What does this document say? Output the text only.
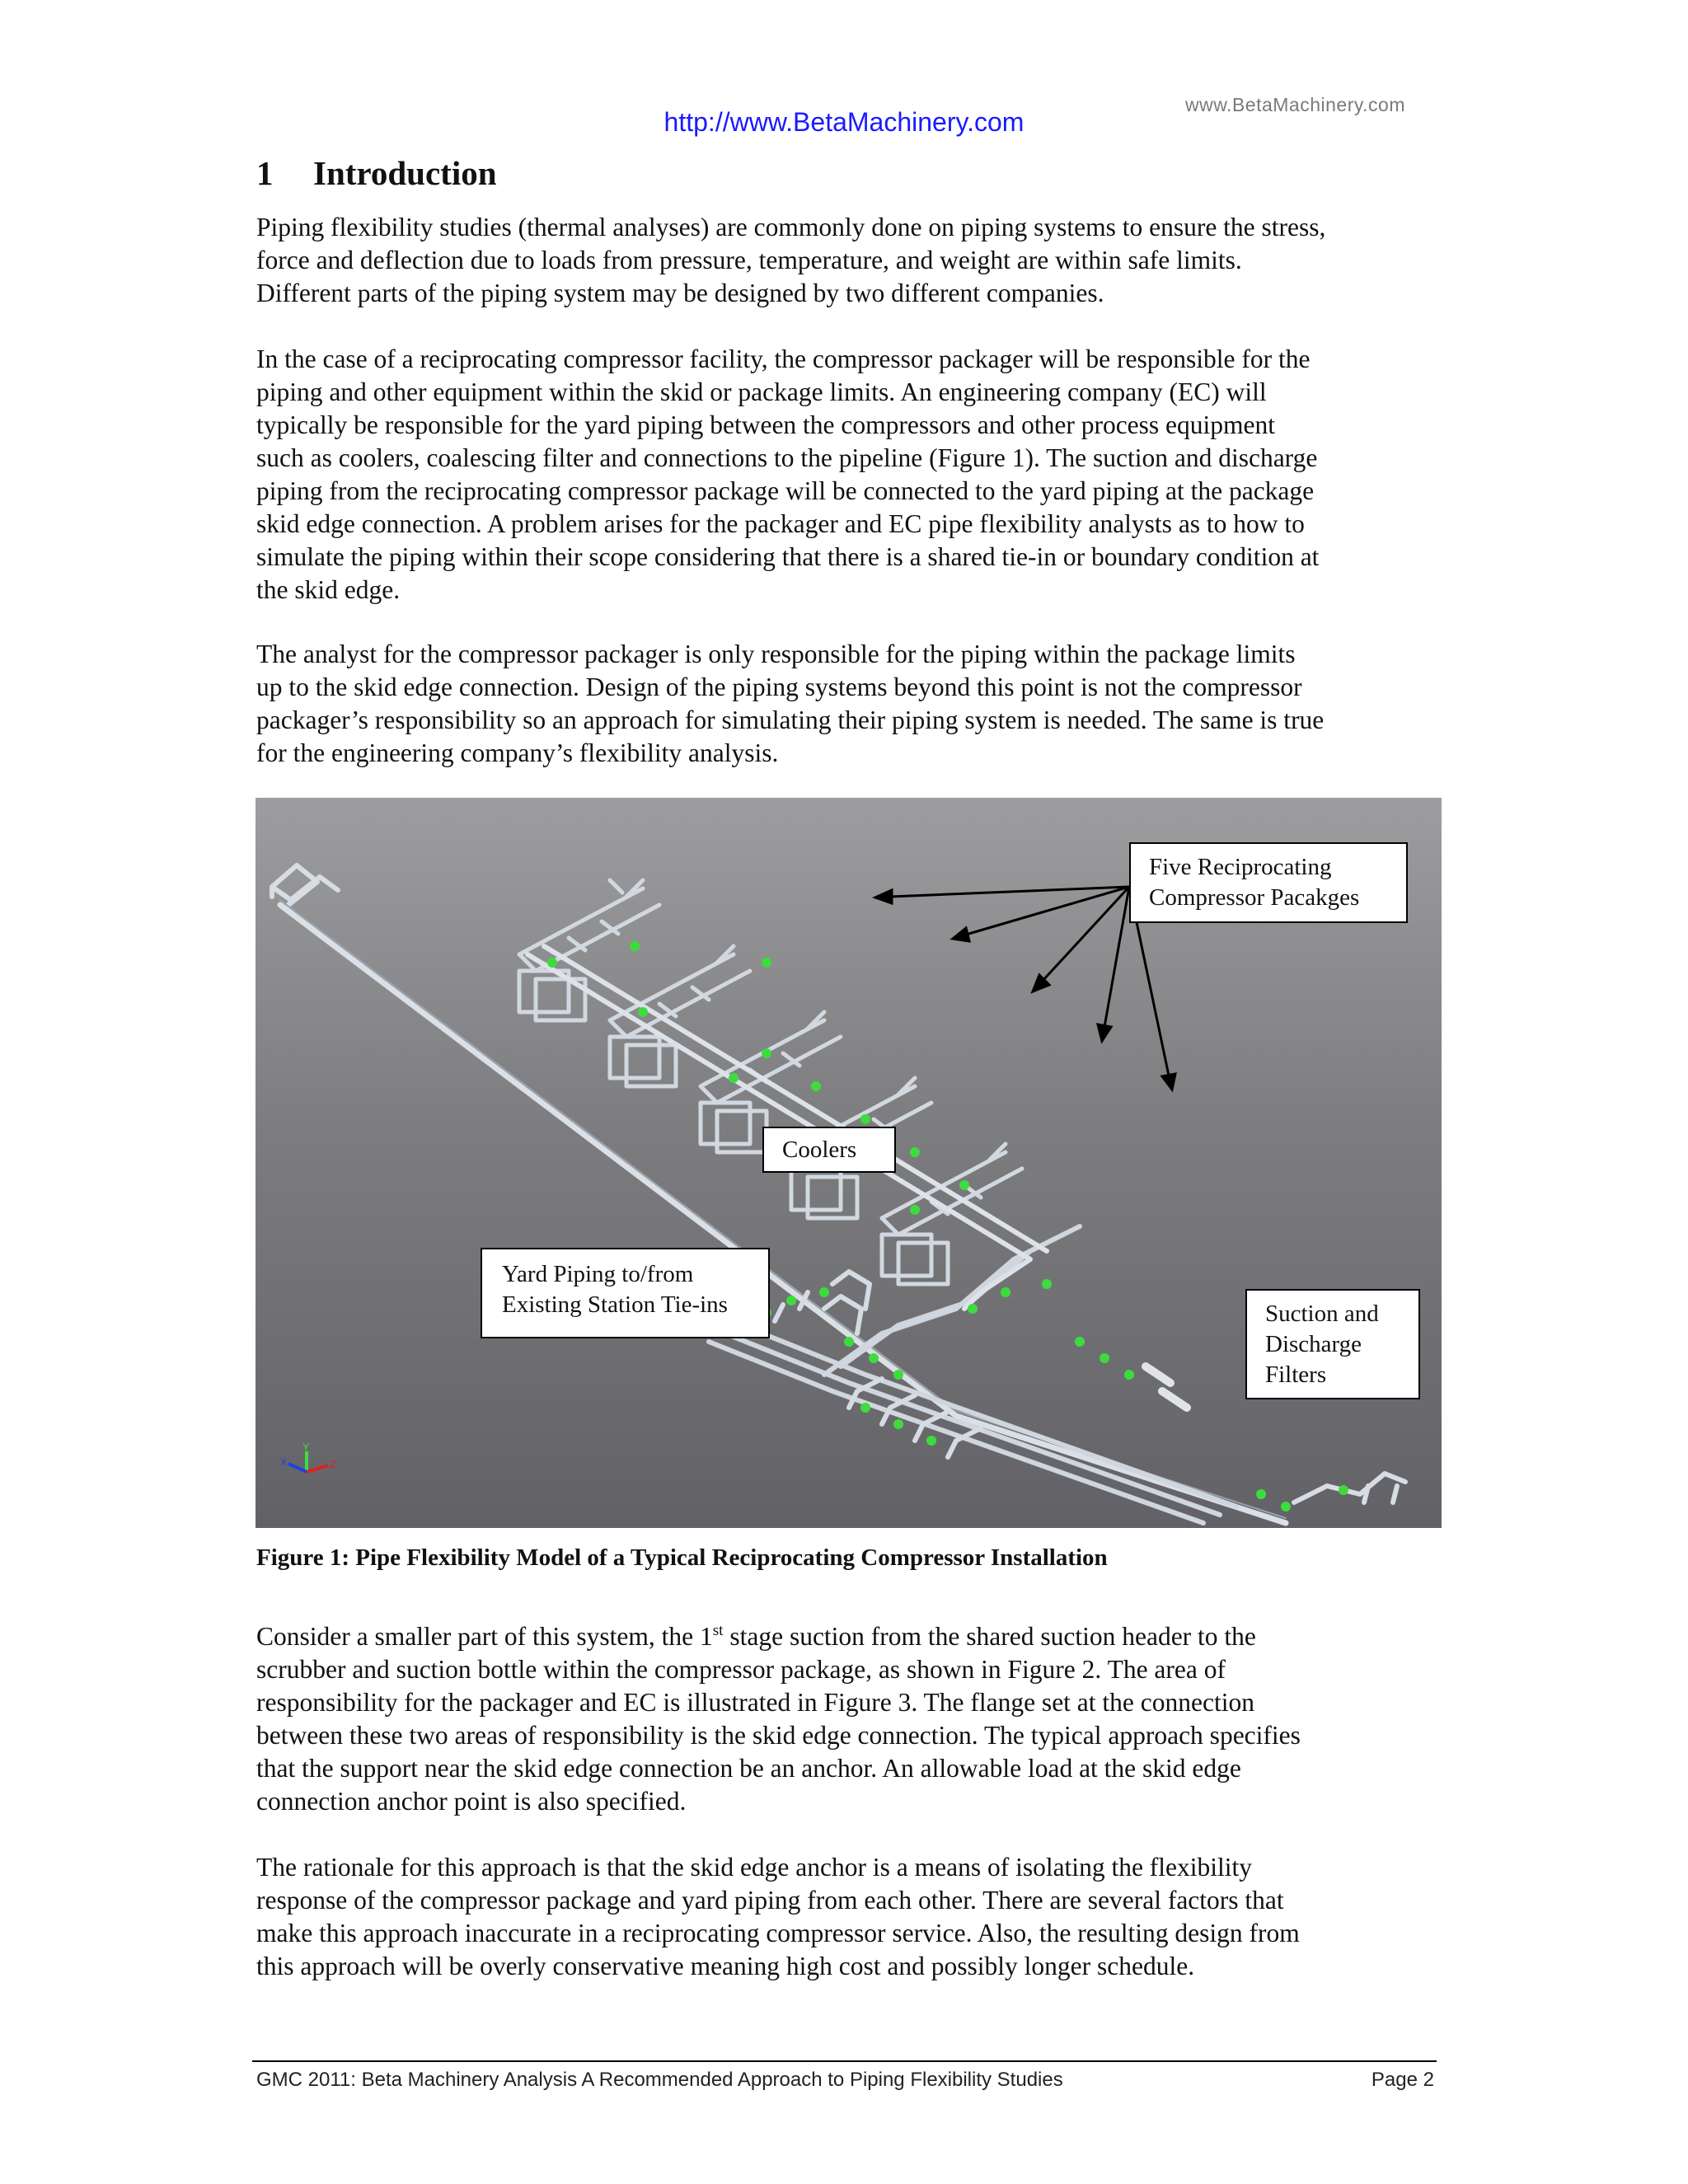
http://www.BetaMachinery.com
www.BetaMachinery.com
1 Introduction
Piping flexibility studies (thermal analyses) are commonly done on piping systems to ensure the stress,
force and deflection due to loads from pressure, temperature, and weight are within safe limits.
Different parts of the piping system may be designed by two different companies.
In the case of a reciprocating compressor facility, the compressor packager will be responsible for the
piping and other equipment within the skid or package limits. An engineering company (EC) will
typically be responsible for the yard piping between the compressors and other process equipment
such as coolers, coalescing filter and connections to the pipeline (Figure 1). The suction and discharge
piping from the reciprocating compressor package will be connected to the yard piping at the package
skid edge connection. A problem arises for the packager and EC pipe flexibility analysts as to how to
simulate the piping within their scope considering that there is a shared tie-in or boundary condition at
the skid edge.
The analyst for the compressor packager is only responsible for the piping within the package limits
up to the skid edge connection. Design of the piping systems beyond this point is not the compressor
packager’s responsibility so an approach for simulating their piping system is needed. The same is true
for the engineering company’s flexibility analysis.
Y
Z
X
Five Reciprocating
Compressor Pacakges
Coolers
Yard Piping to/from
Existing Station Tie-ins	Suction and
Discharge
Filters
Figure 1: Pipe Flexibility Model of a Typical Reciprocating Compressor Installation
Consider a smaller part of this system, the 1st stage suction from the shared suction header to the
scrubber and suction bottle within the compressor package, as shown in Figure 2. The area of
responsibility for the packager and EC is illustrated in Figure 3. The flange set at the connection
between these two areas of responsibility is the skid edge connection. The typical approach specifies
that the support near the skid edge connection be an anchor. An allowable load at the skid edge
connection anchor point is also specified.
The rationale for this approach is that the skid edge anchor is a means of isolating the flexibility
response of the compressor package and yard piping from each other. There are several factors that
make this approach inaccurate in a reciprocating compressor service. Also, the resulting design from
this approach will be overly conservative meaning high cost and possibly longer schedule.
GMC 2011: Beta Machinery Analysis A Recommended Approach to Piping Flexibility Studies	Page 2
